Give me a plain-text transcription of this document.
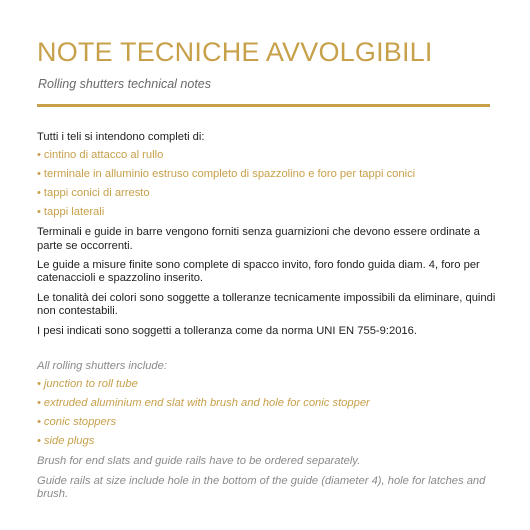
NOTE TECNICHE AVVOLGIBILI
Rolling shutters technical notes

Tutti i teli si intendono completi di:

• cintino di attacco al rullo
• terminale in alluminio estruso completo di spazzolino e foro per tappi conici
• tappi conici di arresto
• tappi laterali

Terminali e guide in barre vengono forniti senza guarnizioni che devono essere ordinate a parte se occorrenti.

Le guide a misure finite sono complete di spacco invito, foro fondo guida diam. 4, foro per catenaccioli e spazzolino inserito.

Le tonalità dei colori sono soggette a tolleranze tecnicamente impossibili da eliminare, quindi non contestabili.

I pesi indicati sono soggetti a tolleranza come da norma UNI EN 755-9:2016.

All rolling shutters include:

• junction to roll tube
• extruded aluminium end slat with brush and hole for conic stopper
• conic stoppers
• side plugs

Brush for end slats and guide rails have to be ordered separately.

Guide rails at size include hole in the bottom of the guide (diameter 4), hole for latches and brush.
